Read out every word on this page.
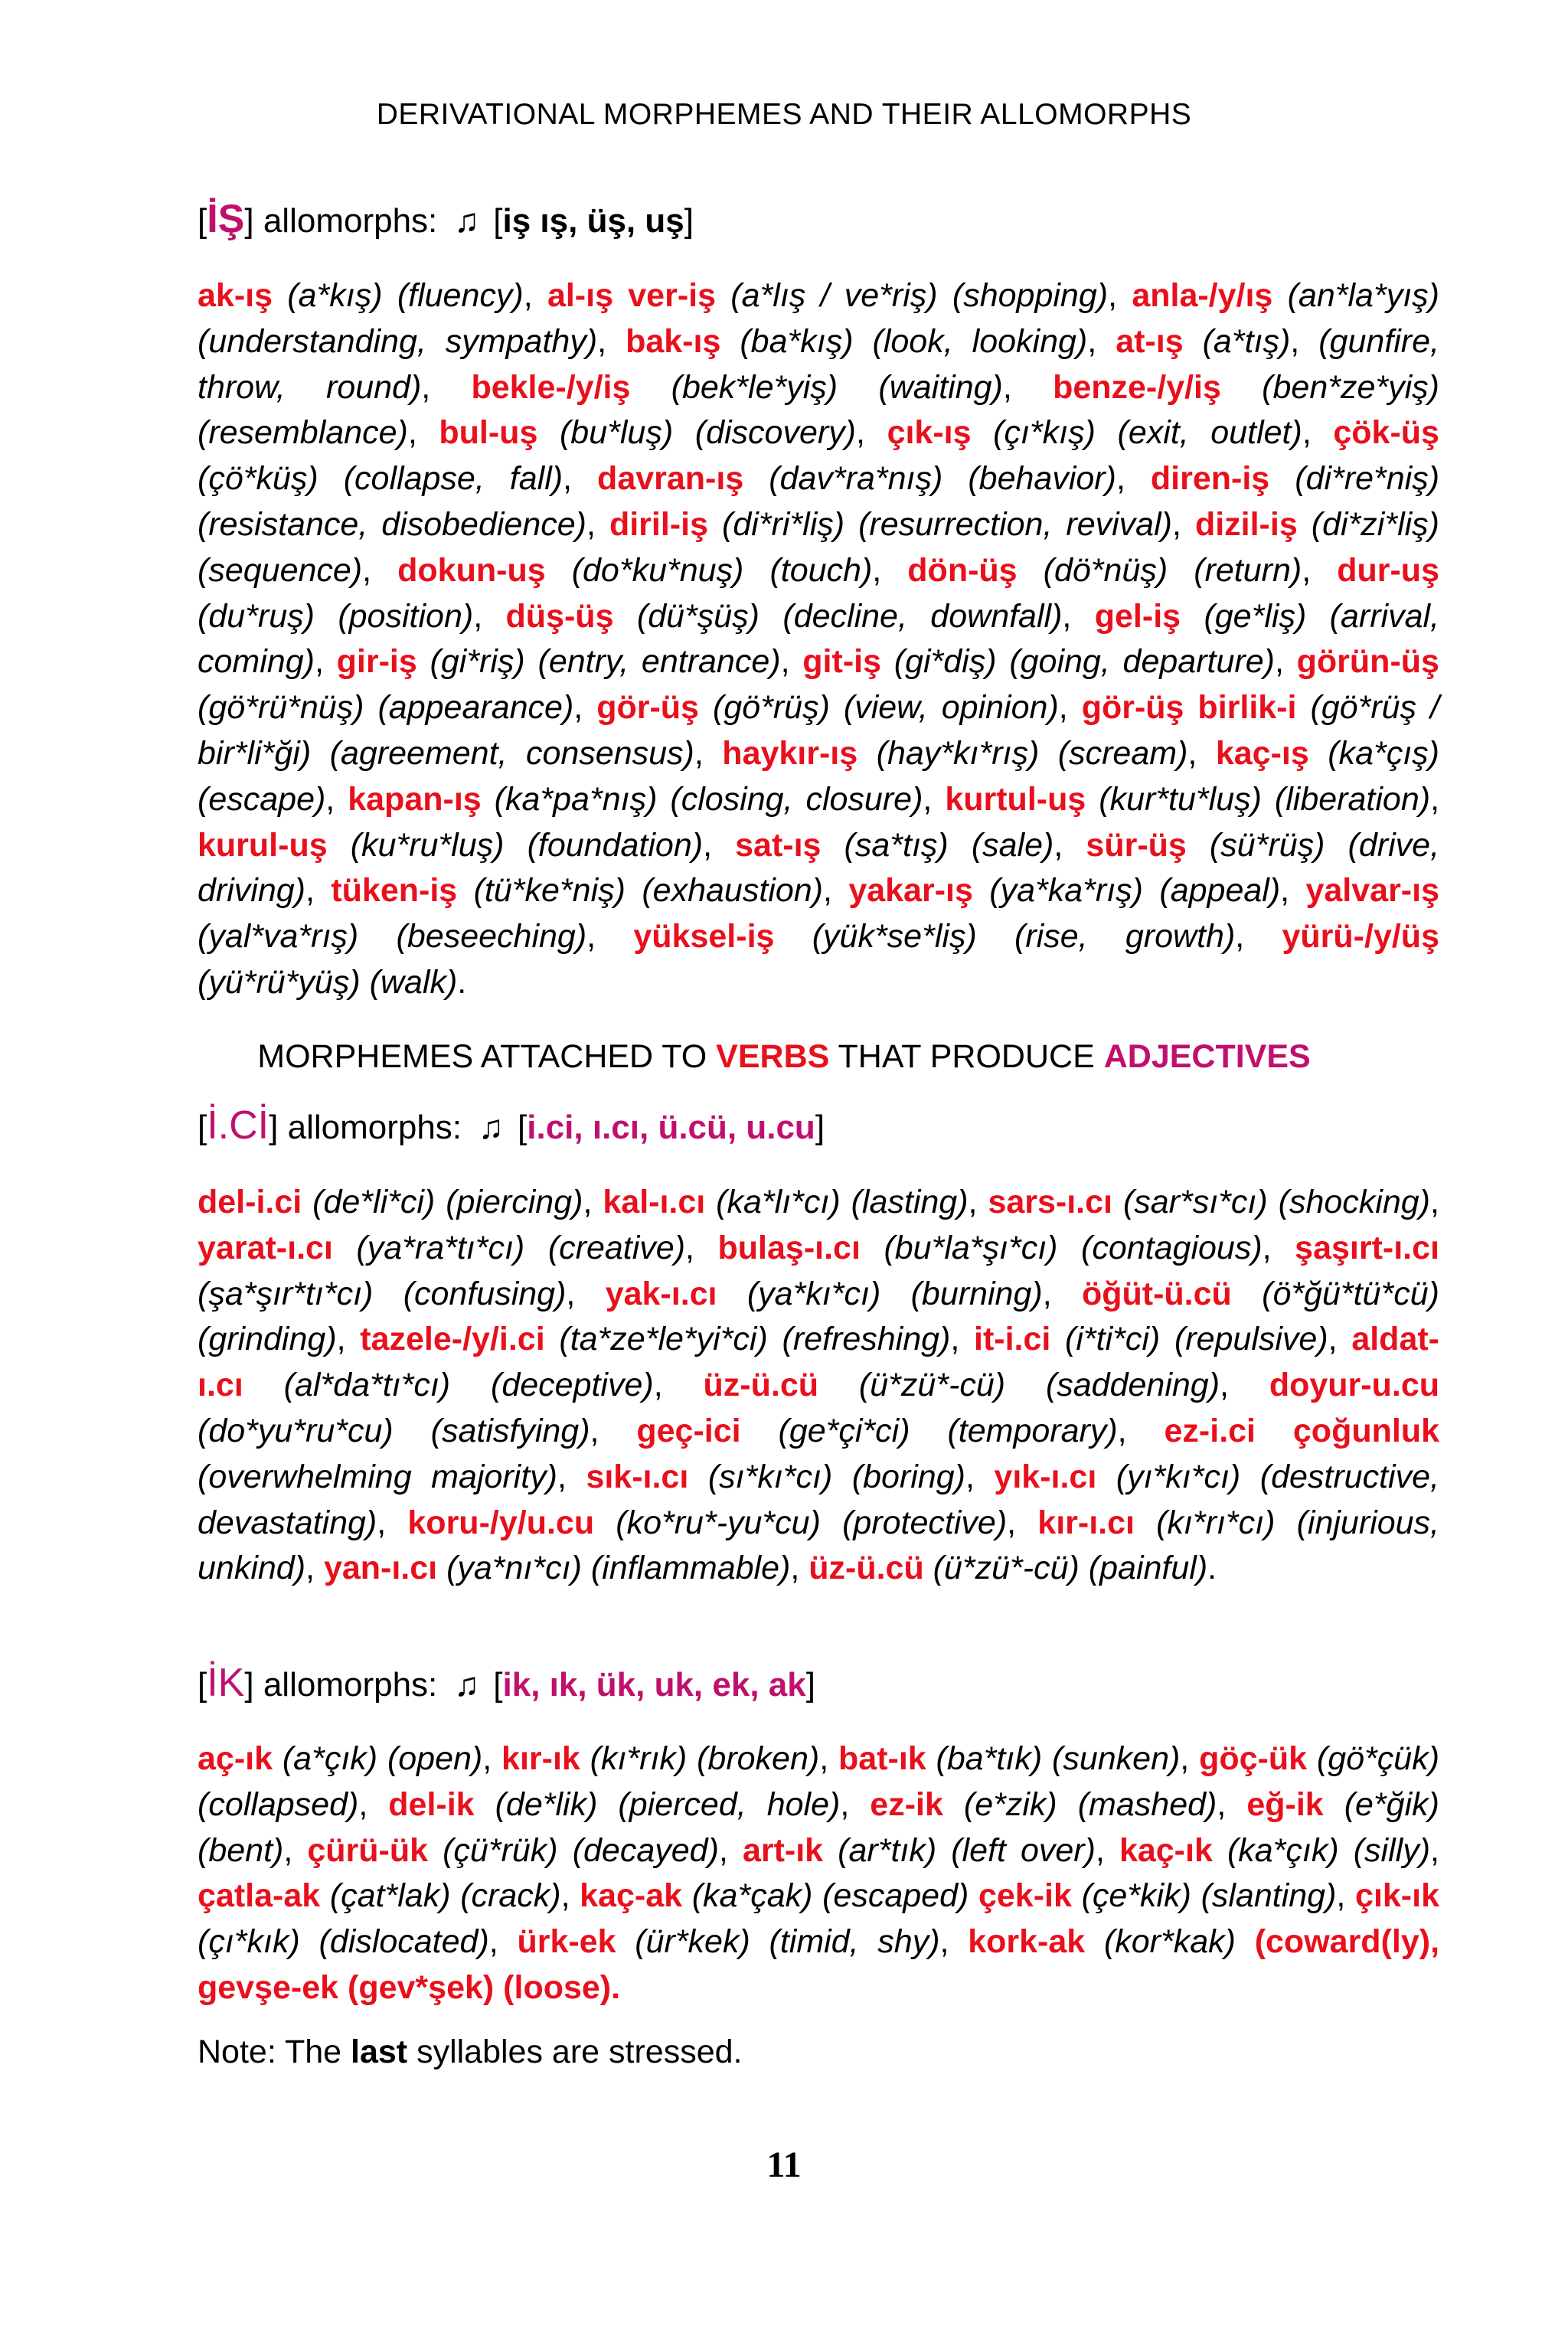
DERIVATIONAL MORPHEMES AND THEIR ALLOMORPHS
[İŞ] allomorphs: ♫ [iş ış, üş, uş]
ak-ış (a*kış) (fluency), al-ış ver-iş (a*lış / ve*riş) (shopping), anla-/y/ış (an*la*yış) (understanding, sympathy), bak-ış (ba*kış) (look, looking), at-ış (a*tış), (gunfire, throw, round), bekle-/y/iş (bek*le*yiş) (waiting), benze-/y/iş (ben*ze*yiş) (resemblance), bul-uş (bu*luş) (discovery), çık-ış (çı*kış) (exit, outlet), çök-üş (çö*küş) (collapse, fall), davran-ış (dav*ra*nış) (behavior), diren-iş (di*re*niş) (resistance, disobedience), diril-iş (di*ri*liş) (resurrection, revival), dizil-iş (di*zi*liş) (sequence), dokun-uş (do*ku*nuş) (touch), dön-üş (dö*nüş) (return), dur-uş (du*ruş) (position), düş-üş (dü*şüş) (decline, downfall), gel-iş (ge*liş) (arrival, coming), gir-iş (gi*riş) (entry, entrance), git-iş (gi*diş) (going, departure), görün-üş (gö*rü*nüş) (appearance), gör-üş (gö*rüş) (view, opinion), gör-üş birlik-i (gö*rüş / bir*li*ği) (agreement, consensus), haykır-ış (hay*kı*rış) (scream), kaç-ış (ka*çış) (escape), kapan-ış (ka*pa*nış) (closing, closure), kurtul-uş (kur*tu*luş) (liberation), kurul-uş (ku*ru*luş) (foundation), sat-ış (sa*tış) (sale), sür-üş (sü*rüş) (drive, driving), tüken-iş (tü*ke*niş) (exhaustion), yakar-ış (ya*ka*rış) (appeal), yalvar-ış (yal*va*rış) (beseeching), yüksel-iş (yük*se*liş) (rise, growth), yürü-/y/üş (yü*rü*yüş) (walk).
MORPHEMES ATTACHED TO VERBS THAT PRODUCE ADJECTIVES
[İ.Cİ] allomorphs: ♫ [i.ci, ı.cı, ü.cü, u.cu]
del-i.ci (de*li*ci) (piercing), kal-ı.cı (ka*lı*cı) (lasting), sars-ı.cı (sar*sı*cı) (shocking), yarat-ı.cı (ya*ra*tı*cı) (creative), bulaş-ı.cı (bu*la*şı*cı) (contagious), şaşırt-ı.cı (şa*şır*tı*cı) (confusing), yak-ı.cı (ya*kı*cı) (burning), öğüt-ü.cü (ö*ğü*tü*cü) (grinding), tazele-/y/i.ci (ta*ze*le*yi*ci) (refreshing), it-i.ci (i*ti*ci) (repulsive), aldat-ı.cı (al*da*tı*cı) (deceptive), üz-ü.cü (ü*zü*-cü) (saddening), doyur-u.cu (do*yu*ru*cu) (satisfying), geç-ici (ge*çi*ci) (temporary), ez-i.ci çoğunluk (overwhelming majority), sık-ı.cı (sı*kı*cı) (boring), yık-ı.cı (yı*kı*cı) (destructive, devastating), koru-/y/u.cu (ko*ru*-yu*cu) (protective), kır-ı.cı (kı*rı*cı) (injurious, unkind), yan-ı.cı (ya*nı*cı) (inflammable), üz-ü.cü (ü*zü*-cü) (painful).
[İK] allomorphs: ♫ [ik, ık, ük, uk, ek, ak]
aç-ık (a*çık) (open), kır-ık (kı*rık) (broken), bat-ık (ba*tık) (sunken), göç-ük (gö*çük) (collapsed), del-ik (de*lik) (pierced, hole), ez-ik (e*zik) (mashed), eğ-ik (e*ğik) (bent), çürü-ük (çü*rük) (decayed), art-ık (ar*tık) (left over), kaç-ık (ka*çık) (silly), çatla-ak (çat*lak) (crack), kaç-ak (ka*çak) (escaped) çek-ik (çe*kik) (slanting), çık-ık (çı*kık) (dislocated), ürk-ek (ür*kek) (timid, shy), kork-ak (kor*kak) (coward(ly), gevşe-ek (gev*şek) (loose).
Note: The last syllables are stressed.
11
